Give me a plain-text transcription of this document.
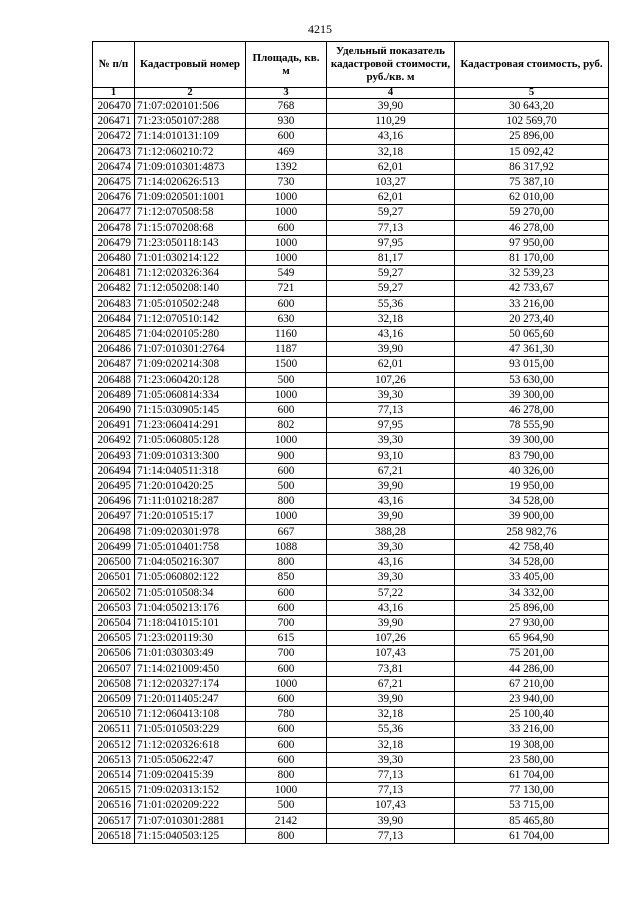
4215
№ п/п	Кадастровый номер	Площадь, кв. м	Удельный показатель кадастровой стоимости, руб./кв. м	Кадастровая стоимость, руб.
1	2	3	4	5
206470	71:07:020101:506	768	39,90	30 643,20
206471	71:23:050107:288	930	110,29	102 569,70
206472	71:14:010131:109	600	43,16	25 896,00
206473	71:12:060210:72	469	32,18	15 092,42
206474	71:09:010301:4873	1392	62,01	86 317,92
206475	71:14:020626:513	730	103,27	75 387,10
206476	71:09:020501:1001	1000	62,01	62 010,00
206477	71:12:070508:58	1000	59,27	59 270,00
206478	71:15:070208:68	600	77,13	46 278,00
206479	71:23:050118:143	1000	97,95	97 950,00
206480	71:01:030214:122	1000	81,17	81 170,00
206481	71:12:020326:364	549	59,27	32 539,23
206482	71:12:050208:140	721	59,27	42 733,67
206483	71:05:010502:248	600	55,36	33 216,00
206484	71:12:070510:142	630	32,18	20 273,40
206485	71:04:020105:280	1160	43,16	50 065,60
206486	71:07:010301:2764	1187	39,90	47 361,30
206487	71:09:020214:308	1500	62,01	93 015,00
206488	71:23:060420:128	500	107,26	53 630,00
206489	71:05:060814:334	1000	39,30	39 300,00
206490	71:15:030905:145	600	77,13	46 278,00
206491	71:23:060414:291	802	97,95	78 555,90
206492	71:05:060805:128	1000	39,30	39 300,00
206493	71:09:010313:300	900	93,10	83 790,00
206494	71:14:040511:318	600	67,21	40 326,00
206495	71:20:010420:25	500	39,90	19 950,00
206496	71:11:010218:287	800	43,16	34 528,00
206497	71:20:010515:17	1000	39,90	39 900,00
206498	71:09:020301:978	667	388,28	258 982,76
206499	71:05:010401:758	1088	39,30	42 758,40
206500	71:04:050216:307	800	43,16	34 528,00
206501	71:05:060802:122	850	39,30	33 405,00
206502	71:05:010508:34	600	57,22	34 332,00
206503	71:04:050213:176	600	43,16	25 896,00
206504	71:18:041015:101	700	39,90	27 930,00
206505	71:23:020119:30	615	107,26	65 964,90
206506	71:01:030303:49	700	107,43	75 201,00
206507	71:14:021009:450	600	73,81	44 286,00
206508	71:12:020327:174	1000	67,21	67 210,00
206509	71:20:011405:247	600	39,90	23 940,00
206510	71:12:060413:108	780	32,18	25 100,40
206511	71:05:010503:229	600	55,36	33 216,00
206512	71:12:020326:618	600	32,18	19 308,00
206513	71:05:050622:47	600	39,30	23 580,00
206514	71:09:020415:39	800	77,13	61 704,00
206515	71:09:020313:152	1000	77,13	77 130,00
206516	71:01:020209:222	500	107,43	53 715,00
206517	71:07:010301:2881	2142	39,90	85 465,80
206518	71:15:040503:125	800	77,13	61 704,00
